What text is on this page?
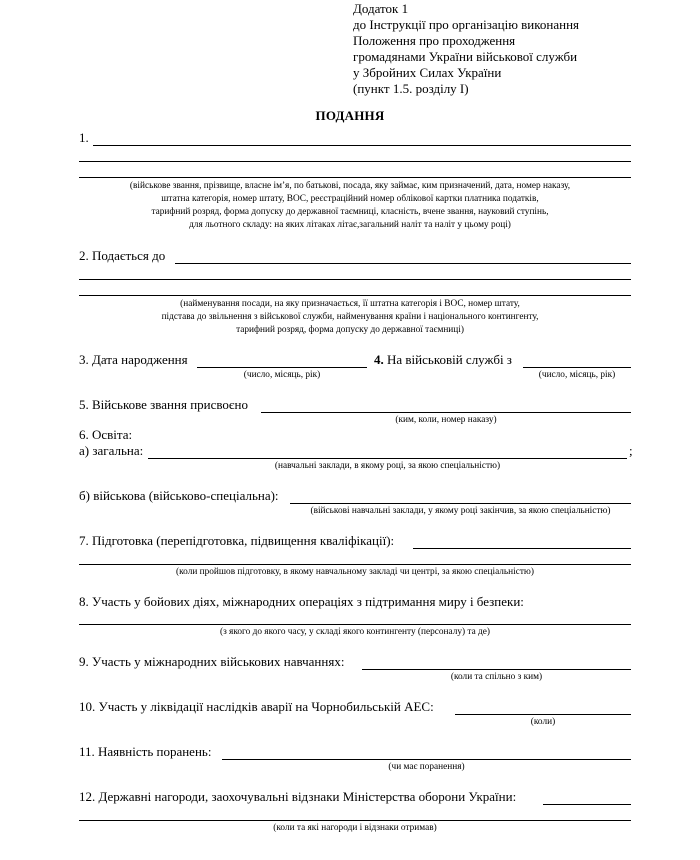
Додаток 1
до Інструкції про організацію виконання
Положення про проходження
громадянами України військової служби
у Збройних Силах України
(пункт 1.5. розділу І)
ПОДАННЯ
1.
(військове звання, прізвище, власне ім’я, по батькові, посада, яку займає, ким призначений, дата, номер наказу,
штатна категорія, номер штату, ВОС, реєстраційний номер облікової картки платника податків,
тарифний розряд, форма допуску до державної таємниці, класність, вчене звання, науковий ступінь,
для льотного складу: на яких літаках літає,загальний наліт та наліт у цьому році)
2. Подається до
(найменування посади, на яку призначається, її штатна категорія і ВОС, номер штату,
підстава до звільнення з військової служби, найменування країни і національного контингенту,
тарифний розряд, форма допуску до державної таємниці)
3. Дата народження
(число, місяць, рік)
4. На військовій службі з
(число, місяць, рік)
5. Військове звання присвоєно
(ким, коли, номер наказу)
6. Освіта:
а) загальна:	;
(навчальні заклади, в якому році, за якою спеціальністю)
б) військова (військово-спеціальна):
(військові навчальні заклади, у якому році закінчив, за якою спеціальністю)
7. Підготовка (перепідготовка, підвищення кваліфікації):
(коли пройшов підготовку, в якому навчальному закладі чи центрі, за якою спеціальністю)
8. Участь у бойових діях, міжнародних операціях з підтримання миру і безпеки:
(з якого до якого часу, у складі якого контингенту (персоналу) та де)
9. Участь у міжнародних військових навчаннях:
(коли та спільно з ким)
10. Участь у ліквідації наслідків аварії на Чорнобильській АЕС:
(коли)
11. Наявність поранень:
(чи має поранення)
12. Державні нагороди, заохочувальні відзнаки Міністерства оборони України:
(коли та які нагороди і відзнаки отримав)
